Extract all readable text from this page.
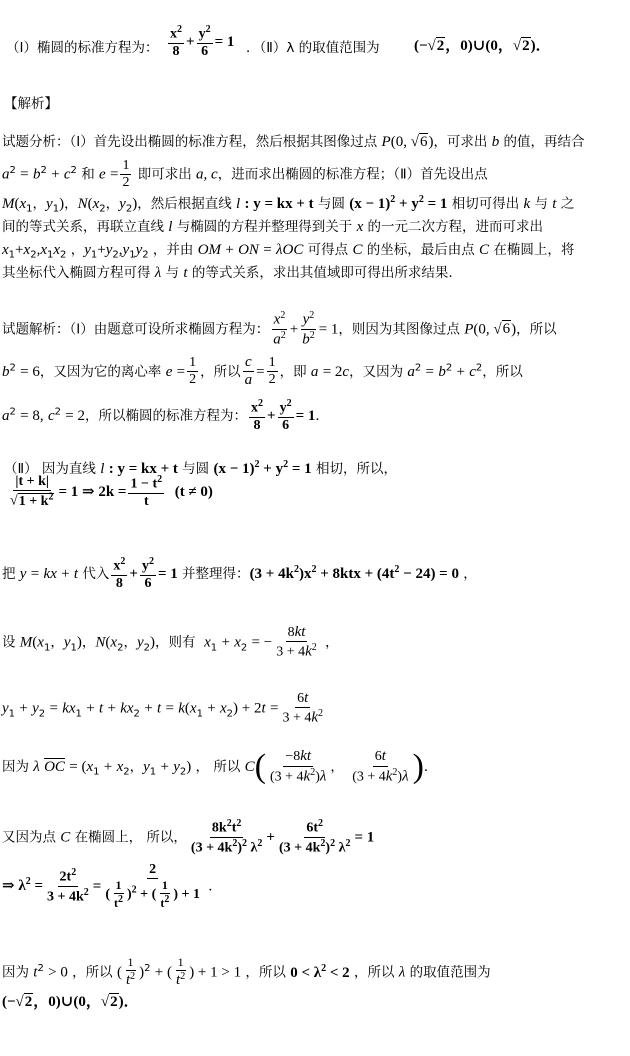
（Ⅰ）椭圆的标准方程为： $\frac{x^2}{8} + \frac{y^2}{6} = 1$ ．（Ⅱ）λ 的取值范围为 (−√2，0)∪(0，√2)．
【解析】
试题分析：（Ⅰ）首先设出椭圆的标准方程，然后根据其图像过点 P(0, √6)，可求出 b 的值，再结合
$a^2 = b^2 + c^2$ 和 $e = \frac{1}{2}$ 即可求出 a, c，进而求出椭圆的标准方程；（Ⅱ）首先设出点
$M(x_1$，$y_1$)，$N(x_2$，$y_2$)，然后根据直线 l : y = kx + t 与圆 $(x - 1)^2 + y^2 = 1$ 相切可得出 k 与 t 之
间的等式关系，再联立直线 l 与椭圆的方程并整理得到关于 x 的一元二次方程，进而可求出
$x_1+x_2,x_1x_2$ ，$y_1+y_2,y_1y_2$ ，并由 OM + ON = λOC 可得点 C 的坐标，最后由点 C 在椭圆上，将
其坐标代入椭圆方程可得 λ 与 t 的等式关系，求出其值域即可得出所求结果.
试题解析：（Ⅰ）由题意可设所求椭圆方程为： $\frac{x^2}{a^2} + \frac{y^2}{b^2} = 1$，则因为其图像过点 P(0, √6)，所以
$b^2 = 6$，又因为它的离心率 $e = \frac{1}{2}$ ，所以 $\frac{c}{a} = \frac{1}{2}$ ，即 a = 2c，又因为 $a^2 = b^2 + c^2$，所以
$a^2 = 8$, $c^2 = 2$，所以椭圆的标准方程为： $\frac{x^2}{8} + \frac{y^2}{6} = 1$．
（Ⅱ） 因为直线 l : y = kx + t 与圆 $(x - 1)^2 + y^2 = 1$ 相切，所以，
$\frac{|t + k|}{√1 + k^2} = 1$ ⇒ $2k = \frac{1 - t^2}{t} (t \ne 0)$
把 y = kx + t 代入 $\frac{x^2}{8} + \frac{y^2}{6} = 1$ 并整理得：$(3 + 4k^2)x^2 + 8ktx + (4t^2 - 24) = 0$ ，
设 $M(x_1$，$y_1$)，$N(x_2$，$y_2$)，则有  $x_1 + x_2$ = − $\frac{8kt}{3 + 4k^2}$ ，
$y_1 + y_2 = kx_1 + t + kx_2 + t = k(x_1 + x_2) + 2t = \frac{6t}{3 + 4k^2}$
因为 λ $\overline{OC} = (x_1 + x_2$，$y_1 + y_2$) ， 所以 $C( \frac{-8kt}{(3 + 4k^2)\lambda}$ ， $\frac{6t}{(3 + 4k^2)\lambda}$ )．
又因为点 C 在椭圆上， 所以， $\frac{8k^2t^2}{(3 + 4k^2)^2 \lambda^2} + \frac{6t^2}{(3 + 4k^2)^2 \lambda^2} = 1$
⇒ $\lambda^2 = \frac{2t^2}{3 + 4k^2} = \frac{2}{( \frac{1}{t^2} )^2 + ( \frac{1}{t^2} ) + 1}$ ．
因为 $t^2 > 0$ ，所以 ( $\frac{1}{t^2} )^2$ + ( $\frac{1}{t^2}$ ) + 1 > 1 ，所以 $0 < \lambda^2 < 2$ ，所以 λ 的取值范围为
(−√2，0)∪(0，√2)．
